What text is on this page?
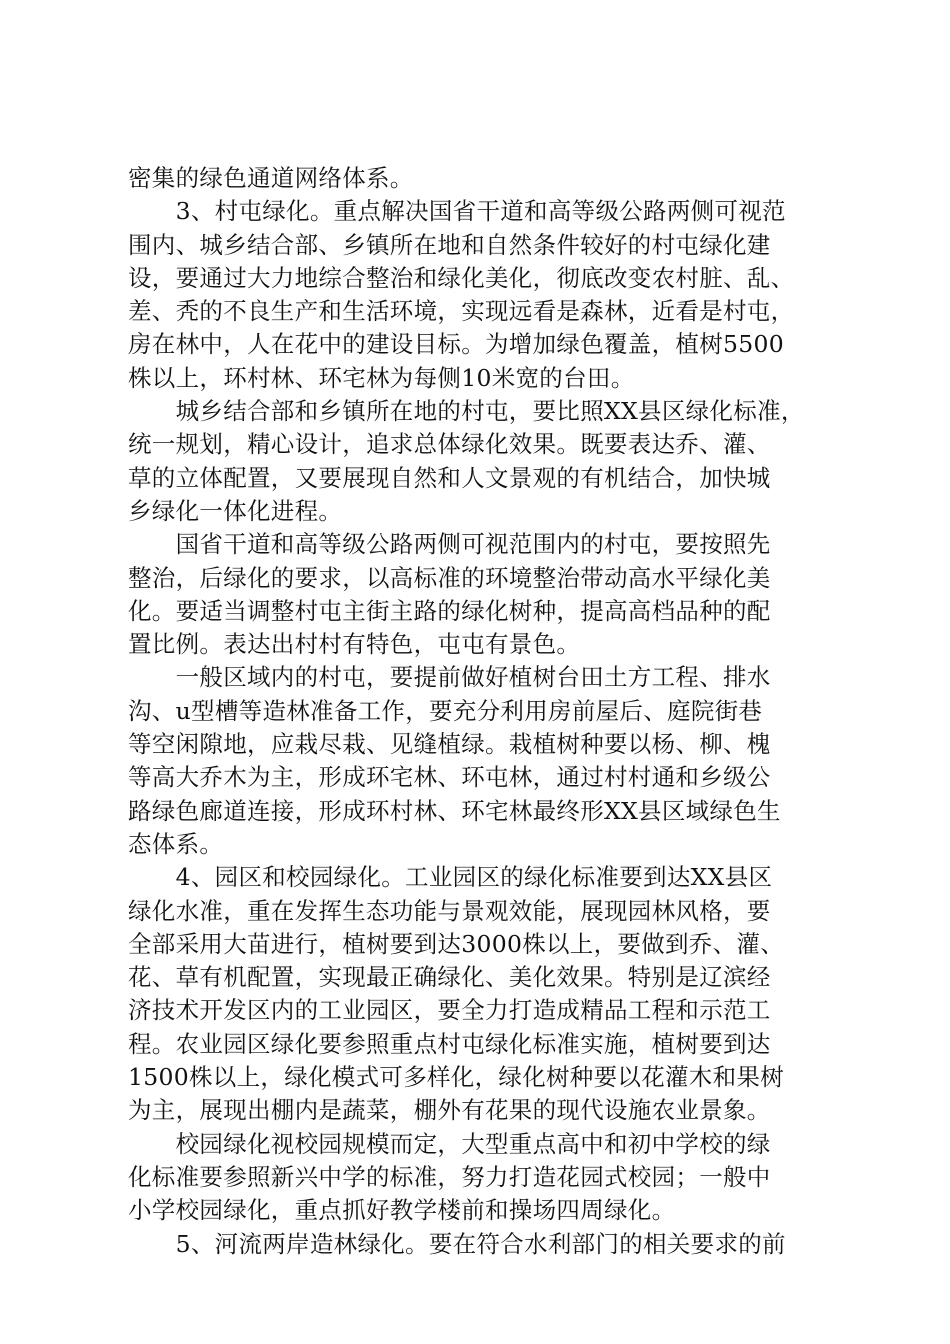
密集的绿色通道网络体系。
　　3、村屯绿化。重点解决国省干道和高等级公路两侧可视范
围内、城乡结合部、乡镇所在地和自然条件较好的村屯绿化建
设，要通过大力地综合整治和绿化美化，彻底改变农村脏、乱、
差、秃的不良生产和生活环境，实现远看是森林，近看是村屯，
房在林中，人在花中的建设目标。为增加绿色覆盖，植树5500
株以上，环村林、环宅林为每侧10米宽的台田。
　　城乡结合部和乡镇所在地的村屯，要比照XX县区绿化标准，
统一规划，精心设计，追求总体绿化效果。既要表达乔、灌、
草的立体配置，又要展现自然和人文景观的有机结合，加快城
乡绿化一体化进程。
　　国省干道和高等级公路两侧可视范围内的村屯，要按照先
整治，后绿化的要求，以高标准的环境整治带动高水平绿化美
化。要适当调整村屯主街主路的绿化树种，提高高档品种的配
置比例。表达出村村有特色，屯屯有景色。
　　一般区域内的村屯，要提前做好植树台田土方工程、排水
沟、u型槽等造林准备工作，要充分利用房前屋后、庭院街巷
等空闲隙地，应栽尽栽、见缝植绿。栽植树种要以杨、柳、槐
等高大乔木为主，形成环宅林、环屯林，通过村村通和乡级公
路绿色廊道连接，形成环村林、环宅林最终形XX县区域绿色生
态体系。
　　4、园区和校园绿化。工业园区的绿化标准要到达XX县区
绿化水准，重在发挥生态功能与景观效能，展现园林风格，要
全部采用大苗进行，植树要到达3000株以上，要做到乔、灌、
花、草有机配置，实现最正确绿化、美化效果。特别是辽滨经
济技术开发区内的工业园区，要全力打造成精品工程和示范工
程。农业园区绿化要参照重点村屯绿化标准实施，植树要到达
1500株以上，绿化模式可多样化，绿化树种要以花灌木和果树
为主，展现出棚内是蔬菜，棚外有花果的现代设施农业景象。
　　校园绿化视校园规模而定，大型重点高中和初中学校的绿
化标准要参照新兴中学的标准，努力打造花园式校园；一般中
小学校园绿化，重点抓好教学楼前和操场四周绿化。
　　5、河流两岸造林绿化。要在符合水利部门的相关要求的前
